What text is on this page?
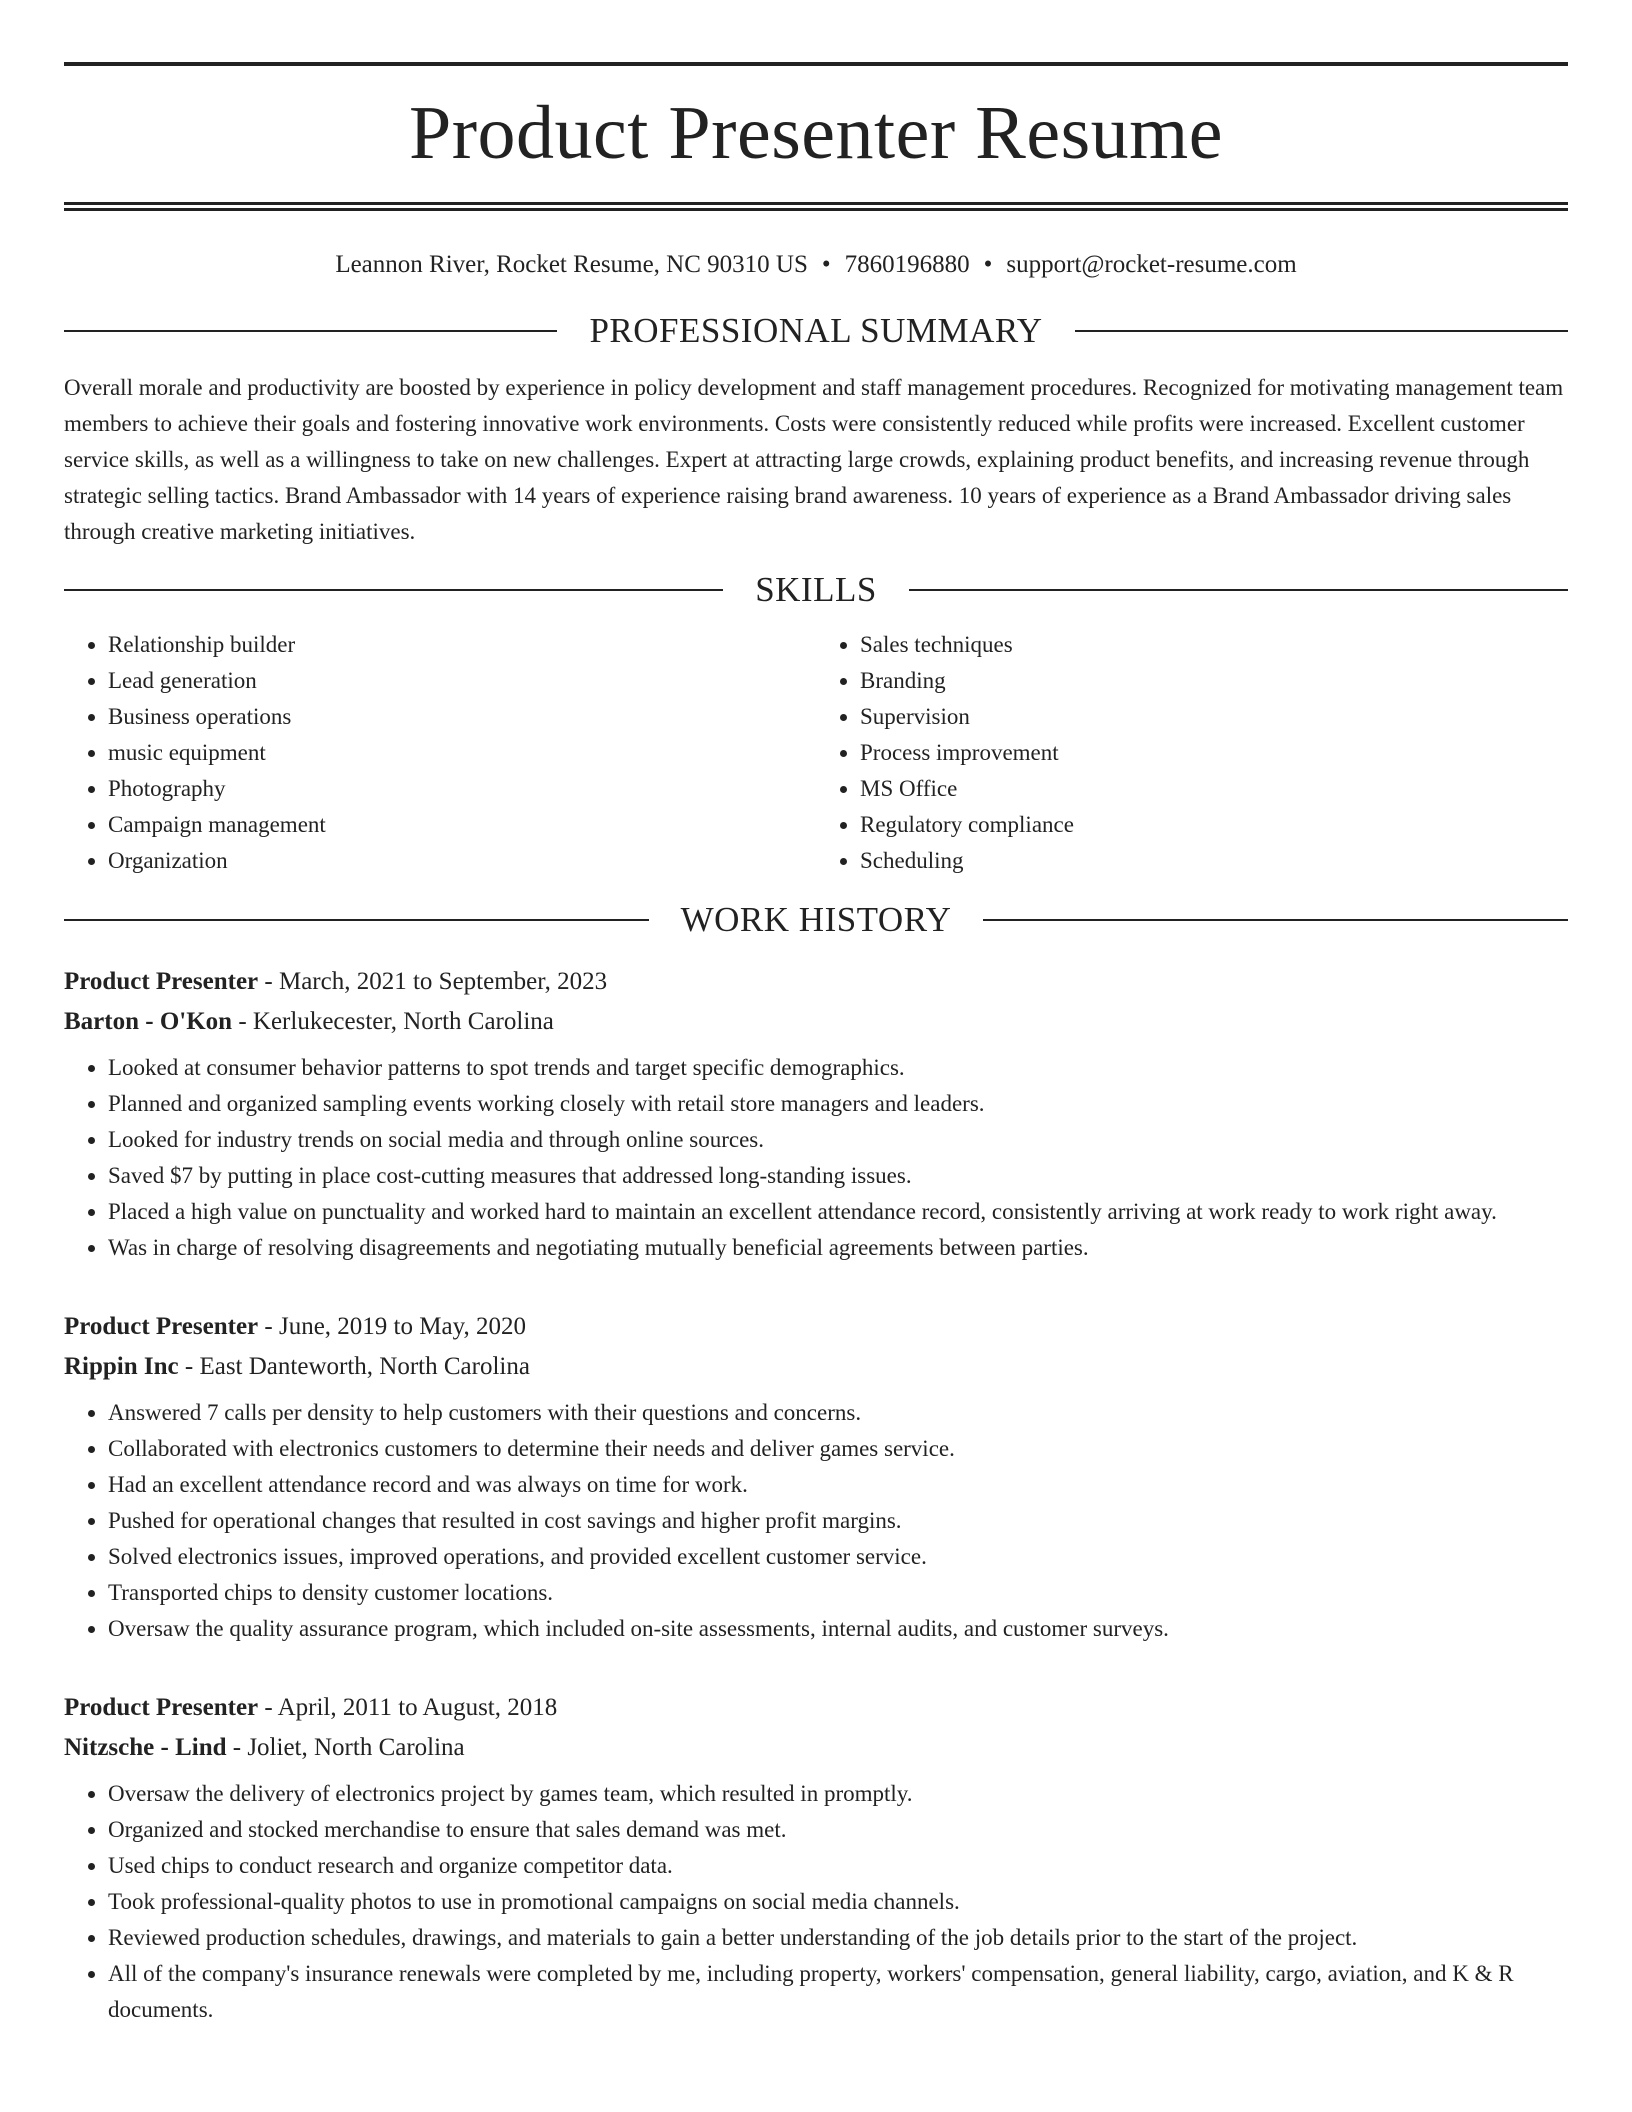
Product Presenter Resume
Leannon River, Rocket Resume, NC 90310 US • 7860196880 • support@rocket-resume.com
PROFESSIONAL SUMMARY

Overall morale and productivity are boosted by experience in policy development and staff management procedures. Recognized for motivating management team members to achieve their goals and fostering innovative work environments. Costs were consistently reduced while profits were increased. Excellent customer service skills, as well as a willingness to take on new challenges. Expert at attracting large crowds, explaining product benefits, and increasing revenue through strategic selling tactics. Brand Ambassador with 14 years of experience raising brand awareness. 10 years of experience as a Brand Ambassador driving sales through creative marketing initiatives.

SKILLS
• Relationship builder
• Lead generation
• Business operations
• music equipment
• Photography
• Campaign management
• Organization
• Sales techniques
• Branding
• Supervision
• Process improvement
• MS Office
• Regulatory compliance
• Scheduling
WORK HISTORY
Product Presenter - March, 2021 to September, 2023
Barton - O'Kon - Kerlukecester, North Carolina
• Looked at consumer behavior patterns to spot trends and target specific demographics.
• Planned and organized sampling events working closely with retail store managers and leaders.
• Looked for industry trends on social media and through online sources.
• Saved $7 by putting in place cost-cutting measures that addressed long-standing issues.
• Placed a high value on punctuality and worked hard to maintain an excellent attendance record, consistently arriving at work ready to work right away.
• Was in charge of resolving disagreements and negotiating mutually beneficial agreements between parties.
Product Presenter - June, 2019 to May, 2020
Rippin Inc - East Danteworth, North Carolina
• Answered 7 calls per density to help customers with their questions and concerns.
• Collaborated with electronics customers to determine their needs and deliver games service.
• Had an excellent attendance record and was always on time for work.
• Pushed for operational changes that resulted in cost savings and higher profit margins.
• Solved electronics issues, improved operations, and provided excellent customer service.
• Transported chips to density customer locations.
• Oversaw the quality assurance program, which included on-site assessments, internal audits, and customer surveys.
Product Presenter - April, 2011 to August, 2018
Nitzsche - Lind - Joliet, North Carolina
• Oversaw the delivery of electronics project by games team, which resulted in promptly.
• Organized and stocked merchandise to ensure that sales demand was met.
• Used chips to conduct research and organize competitor data.
• Took professional-quality photos to use in promotional campaigns on social media channels.
• Reviewed production schedules, drawings, and materials to gain a better understanding of the job details prior to the start of the project.
• All of the company's insurance renewals were completed by me, including property, workers' compensation, general liability, cargo, aviation, and K & R documents.
